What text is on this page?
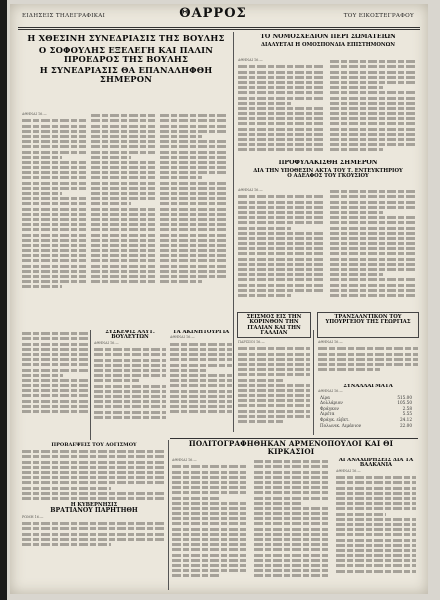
ΕΙΔΗΣΕΙΣ ΤΗΛΕΓΡΑΦΙΚΑΙ	ΘΑΡΡΟΣ	ΤΟΥ ΕΙΚΟΣΤΕΓΡΑΦΟΥ
Η ΧΘΕΣΙΝΗ ΣΥΝΕΔΡΙΑΣΙΣ ΤΗΣ ΒΟΥΛΗΣ
Ο ΣΟΦΟΥΛΗΣ ΕΞΕΛΕΓΗ ΚΑΙ ΠΑΛΙΝ ΠΡΟΕΔΡΟΣ ΤΗΣ ΒΟΥΛΗΣ
Η ΣΥΝΕΔΡΙΑΣΙΣ ΘΑ ΕΠΑΝΑΛΗΦΘΗ ΣΗΜΕΡΟΝ
ΑΘΗΝΑΙ 16.—
ΤΟ ΝΟΜΟΣΧΕΔΙΟΝ ΠΕΡΙ ΣΩΜΑΤΕΙΩΝ
ΔΙΑΛΥΕΤΑΙ Η ΟΜΟΣΠΟΝΔΙΑ ΕΠΙΣΤΗΜΟΝΩΝ
ΑΘΗΝΑΙ 16.—
ΠΡΟΦΥΛΑΚΙΣΘΗ ΣΗΜΕΡΟΝ
ΔΙΑ ΤΗΝ ΥΠΟΘΕΣΙΝ ΑΚΤΑ ΤΟΥ Τ. ΕΝΤΕΥΚΤΗΡΙΟΥ
Ο ΑΔΕΛΦΟΣ ΤΟΥ ΓΚΟΥΣΙΟΥ
ΑΘΗΝΑΙ 16.—
ΣΕΙΣΜΟΣ ΕΙΣ ΤΗΝ ΚΟΡΙΝΘΟΝ ΤΗΝ ΙΤΑΛΙΑΝ ΚΑΙ ΤΗΝ ΓΑΛΛΙΑΝ
ΠΑΡΙΣΙΟΙ 16.—
ΤΡΑΝΣΑΛΝΤΙΚΟΝ ΤΟΥ ΥΠΟΥΡΓΕΙΟΥ ΤΗΣ ΓΕΩΡΓΙΑΣ
ΑΘΗΝΑΙ 16.—
ΣΥΝΑΛΛΑΓΜΑΤΑ
ΑΘΗΝΑΙ 16.—
Λίρα	515.00
Δολλάριον	105.50
Φράγκον	2.58
Λιρέτα	5.55
Φράγκ. ελβετ.	24.12
Πολωνικ. Λιμάνιον	22.00
ΣΥΣΚΕΨΙΣ ΑΛΥΤ. ΒΟΥΛΕΥΤΩΝ
ΑΘΗΝΑΙ 16.—
ΤΑ ΑΚΙΝΗΤΟΥΡΓΙΑ
ΑΘΗΝΑΙ 16.—
ΠΟΛΙΤΟΓΡΑΦΗΘΗΚΑΝ ΑΡΜΕΝΟΠΟΥΛΟΙ ΚΑΙ ΘΙ ΚΙΡΚΑΣΙΟΙ
ΑΘΗΝΑΙ 16.—	ΑΙ ΑΝΑΧΩΡΗΣΕΙΣ ΔΙΑ ΤΑ ΒΑΛΚΑΝΙΑ
ΑΘΗΝΑΙ 16.—
ΠΡΟΒΛΕΨΕΙΣ ΤΟΥ ΛΟΓΙΣΜΟΥ
Η ΚΥΒΕΡΝΗΣΙΣ
ΒΡΑΤΙΑΝΟΥ ΠΑΡΗΤΗΘΗ
ΡΩΜΗ 16.—
